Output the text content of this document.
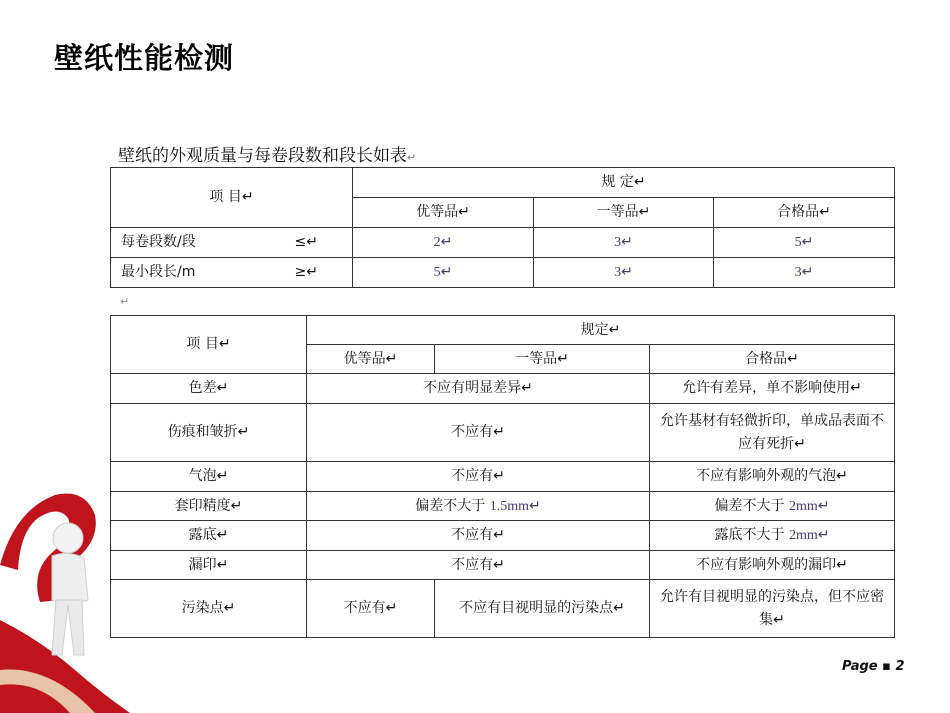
壁纸性能检测
壁纸的外观质量与每卷段数和段长如表↵
项 目↵	规 定↵		
	优等品↵	一等品↵	合格品↵
每卷段数/段 ≤↵	2↵	3↵	5↵
最小段长/m ≥↵	5↵	3↵	3↵
↵
项 目↵	规定↵		
	优等品↵	一等品↵	合格品↵
色差↵	不应有明显差异↵		允许有差异，单不影响使用↵
伤痕和皱折↵	不应有↵		允许基材有轻微折印，单成品表面不应有死折↵
气泡↵	不应有↵		不应有影响外观的气泡↵
套印精度↵	偏差不大于 1.5mm↵		偏差不大于 2mm↵
露底↵	不应有↵		露底不大于 2mm↵
漏印↵	不应有↵		不应有影响外观的漏印↵
污染点↵	不应有↵	不应有目视明显的污染点↵	允许有目视明显的污染点，但不应密集↵
Page ▪ 2
